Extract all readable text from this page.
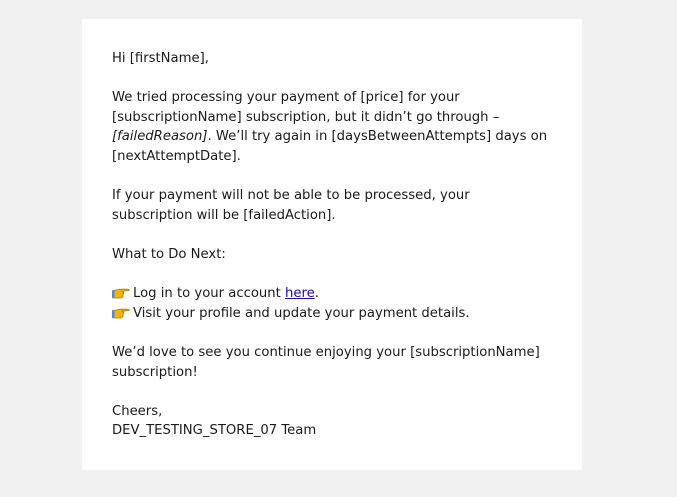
Hi [firstName],

We tried processing your payment of [price] for your [subscriptionName] subscription, but it didn’t go through – [failedReason]. We’ll try again in [daysBetweenAttempts] days on [nextAttemptDate].

If your payment will not be able to be processed, your subscription will be [failedAction].

What to Do Next:

Log in to your account here.

Visit your profile and update your payment details.

We’d love to see you continue enjoying your [subscriptionName] subscription!

Cheers,

DEV_TESTING_STORE_07 Team
